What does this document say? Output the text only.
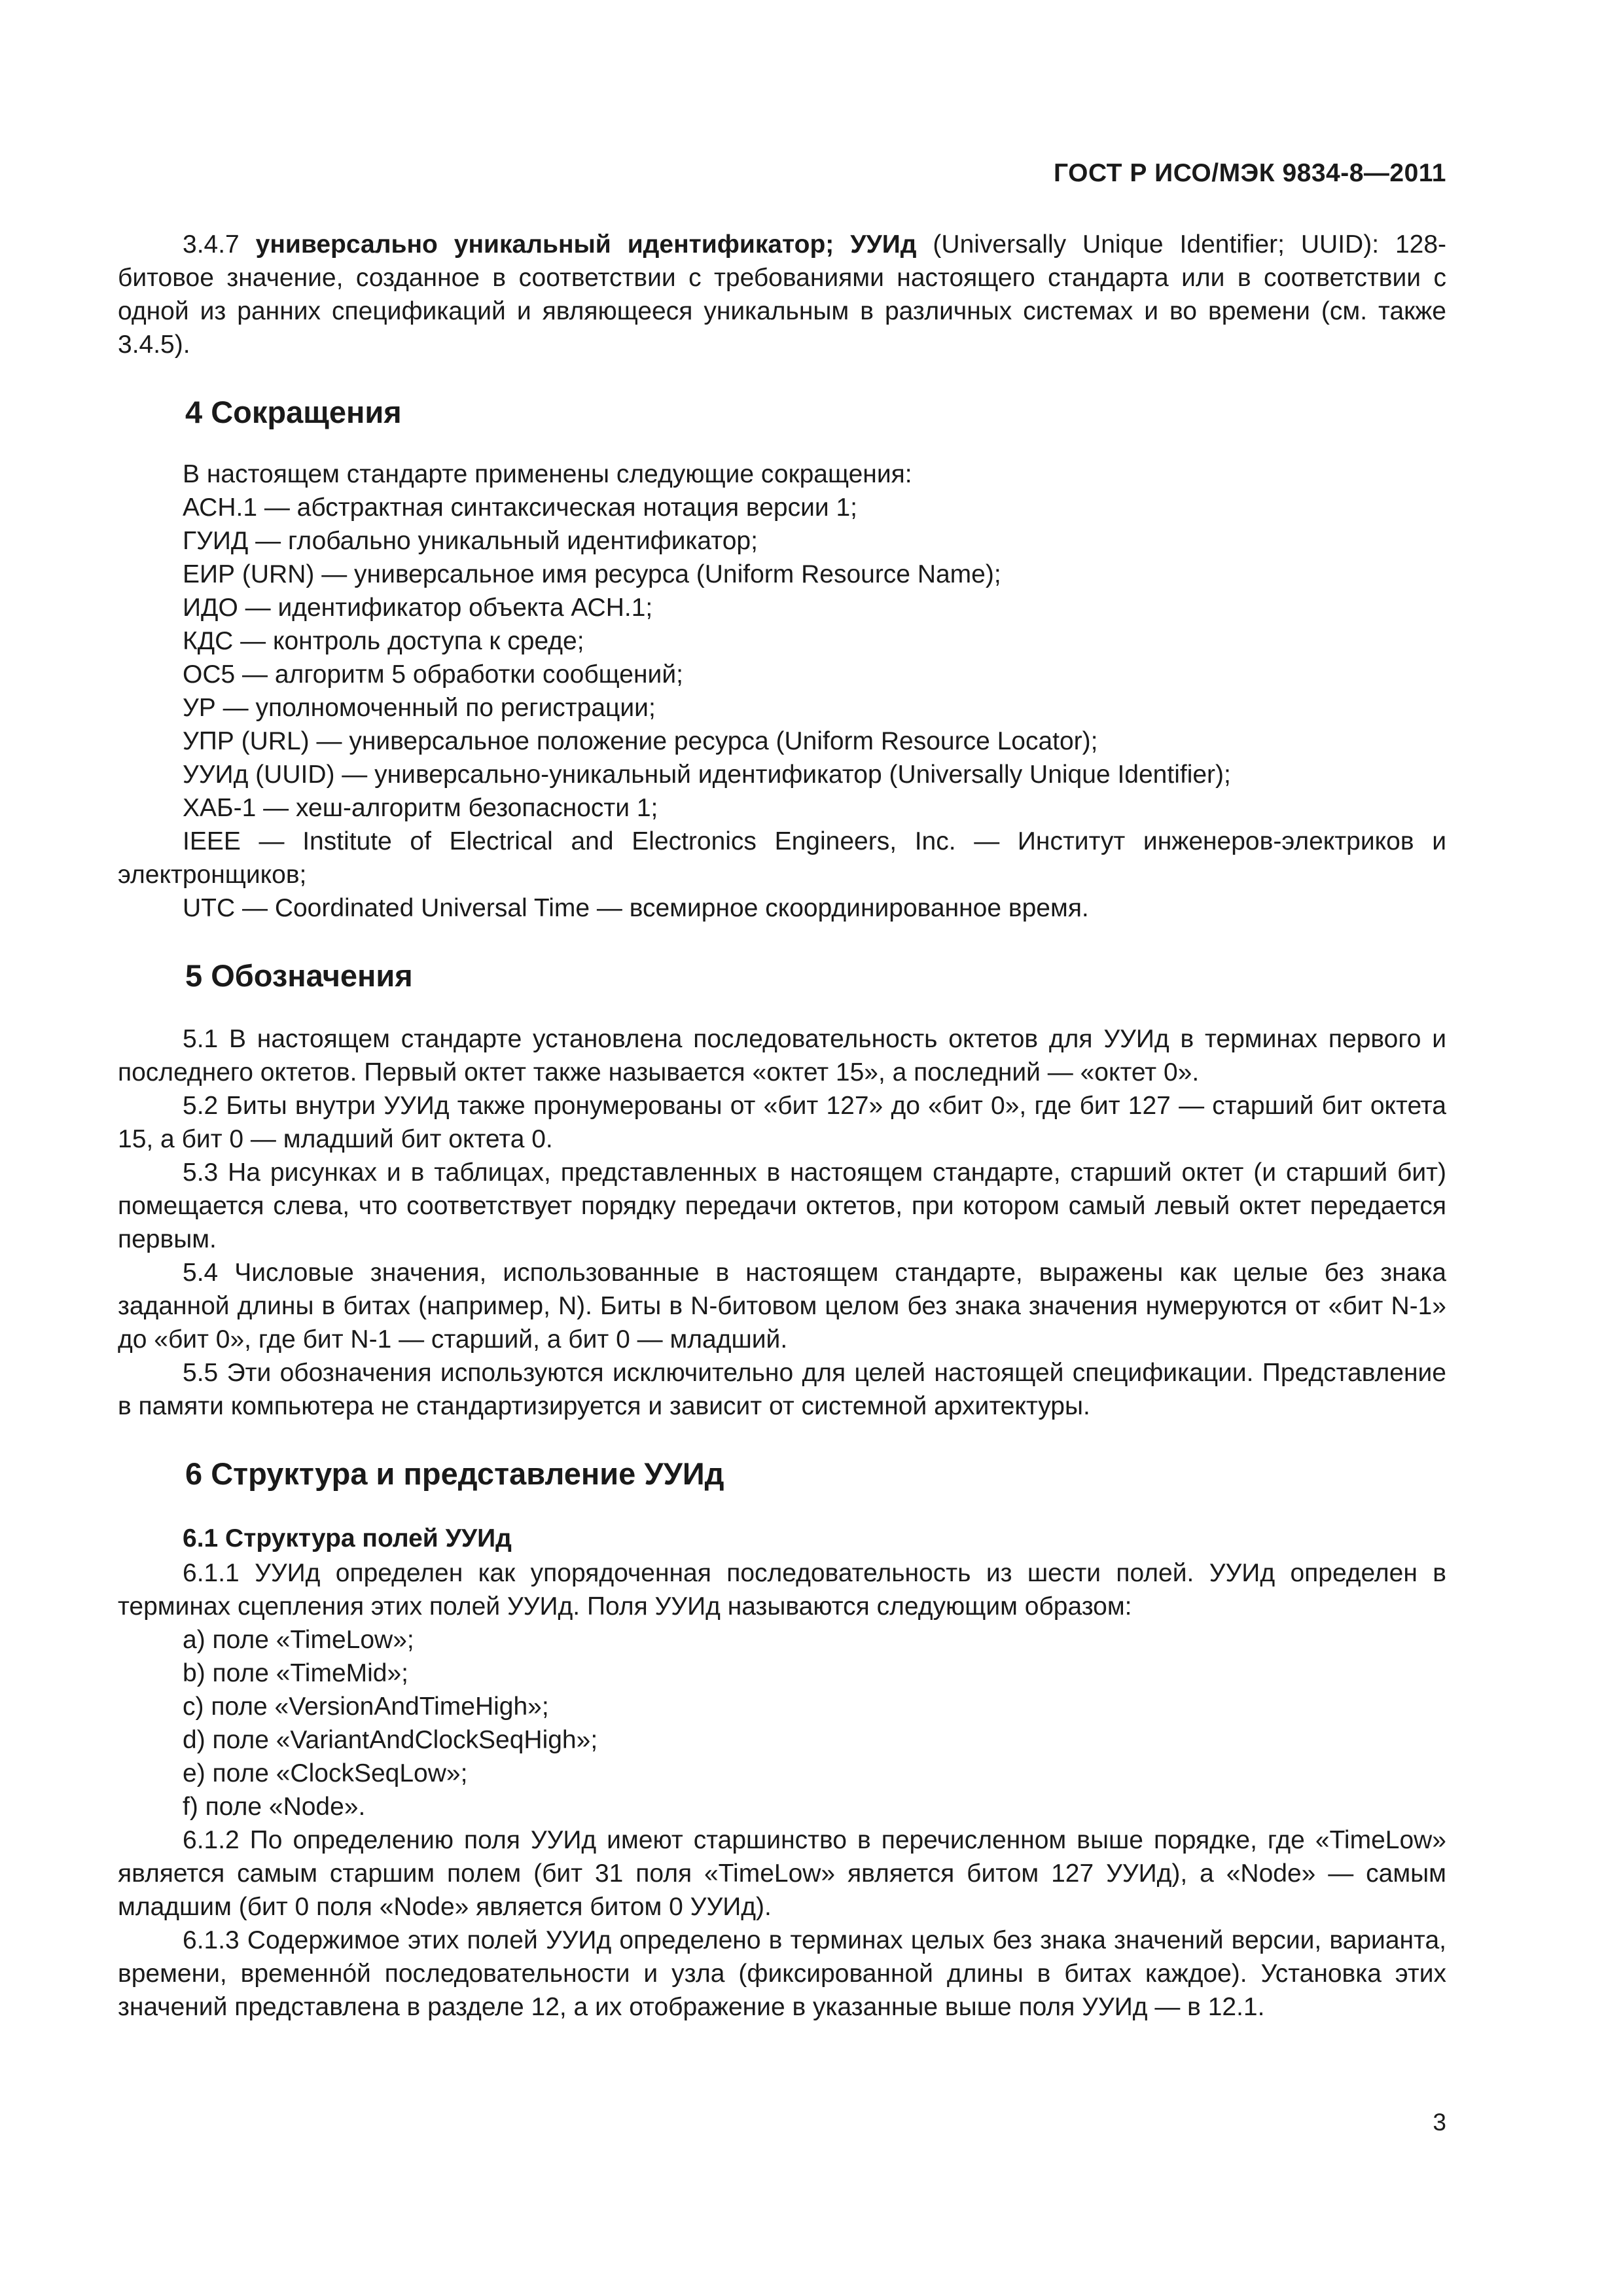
ГОСТ Р ИСО/МЭК 9834-8—2011

3.4.7 универсально уникальный идентификатор; УУИд (Universally Unique Identifier; UUID): 128-битовое значение, созданное в соответствии с требованиями настоящего стандарта или в соответствии с одной из ранних спецификаций и являющееся уникальным в различных системах и во времени (см. также 3.4.5).

4 Сокращения

В настоящем стандарте применены следующие сокращения:

АСН.1 — абстрактная синтаксическая нотация версии 1;

ГУИД — глобально уникальный идентификатор;

ЕИР (URN) — универсальное имя ресурса (Uniform Resource Name);

ИДО — идентификатор объекта АСН.1;

КДС — контроль доступа к среде;

ОС5 — алгоритм 5 обработки сообщений;

УР — уполномоченный по регистрации;

УПР (URL) — универсальное положение ресурса (Uniform Resource Locator);

УУИд (UUID) — универсально-уникальный идентификатор (Universally Unique Identifier);

ХАБ-1 — хеш-алгоритм безопасности 1;

IEEE — Institute of Electrical and Electronics Engineers, Inc. — Институт инженеров-электриков и электронщиков;

UTC — Coordinated Universal Time — всемирное скоординированное время.

5 Обозначения

5.1 В настоящем стандарте установлена последовательность октетов для УУИд в терминах первого и последнего октетов. Первый октет также называется «октет 15», а последний — «октет 0».

5.2 Биты внутри УУИд также пронумерованы от «бит 127» до «бит 0», где бит 127 — старший бит октета 15, а бит 0 — младший бит октета 0.

5.3 На рисунках и в таблицах, представленных в настоящем стандарте, старший октет (и старший бит) помещается слева, что соответствует порядку передачи октетов, при котором самый левый октет передается первым.

5.4 Числовые значения, использованные в настоящем стандарте, выражены как целые без знака заданной длины в битах (например, N). Биты в N-битовом целом без знака значения нумеруются от «бит N-1» до «бит 0», где бит N-1 — старший, а бит 0 — младший.

5.5 Эти обозначения используются исключительно для целей настоящей спецификации. Представление в памяти компьютера не стандартизируется и зависит от системной архитектуры.

6 Структура и представление УУИд
6.1 Структура полей УУИд

6.1.1 УУИд определен как упорядоченная последовательность из шести полей. УУИд определен в терминах сцепления этих полей УУИд. Поля УУИд называются следующим образом:

a) поле «TimeLow»;

b) поле «TimeMid»;

c) поле «VersionAndTimeHigh»;

d) поле «VariantAndClockSeqHigh»;

e) поле «ClockSeqLow»;

f) поле «Node».

6.1.2 По определению поля УУИд имеют старшинство в перечисленном выше порядке, где «TimeLow» является самым старшим полем (бит 31 поля «TimeLow» является битом 127 УУИд), а «Node» — самым младшим (бит 0 поля «Node» является битом 0 УУИд).

6.1.3 Содержимое этих полей УУИд определено в терминах целых без знака значений версии, варианта, времени, временно́й последовательности и узла (фиксированной длины в битах каждое). Установка этих значений представлена в разделе 12, а их отображение в указанные выше поля УУИд — в 12.1.

3
